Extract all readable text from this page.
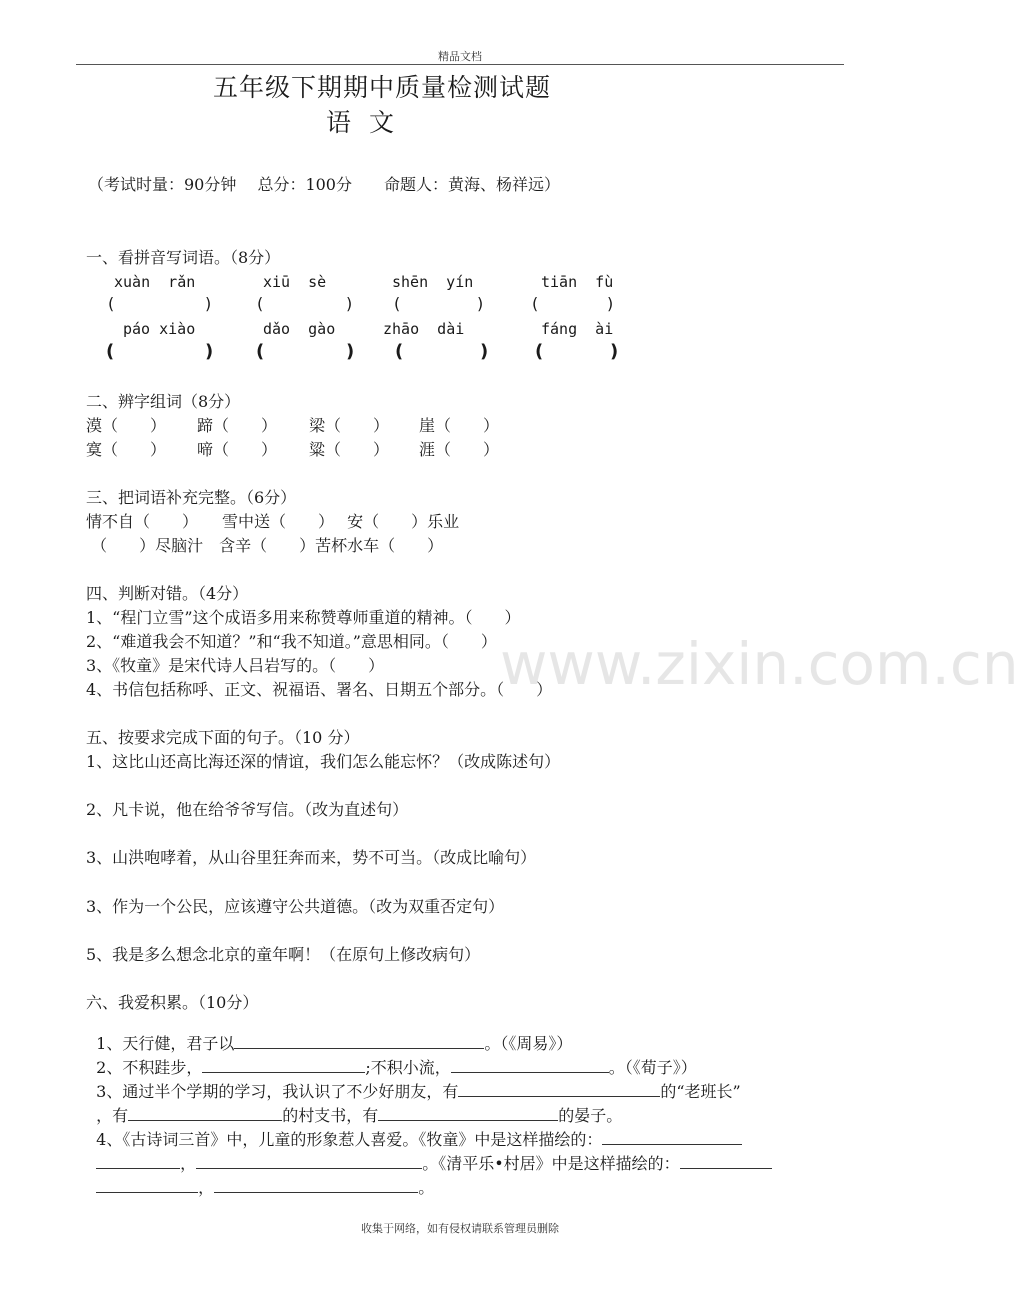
精品文档
五年级下期期中质量检测试题
语 文
（考试时量：90分钟　 总分：100分　　命题人：黄海、杨祥远）
一、看拼音写词语。（8分）
xuàn  rǎn	xiū  sè	shēn  yín	tiān  fù
(	)	(	)	(	)	(	)
páo xiào	dǎo  gào	zhāo  dài	fáng  ài
(	) (	) (	)	(	)
二、辨字组词（8分）
漠（　　） 蹄（　　） 梁（　　） 崖（　　）
寞（　　） 啼（　　） 粱（　　） 涯（　　）
三、把词语补充完整。（6分）
情不自（　　）　　雪中送（　　）　 安（　　）乐业
（　　）尽脑汁　含辛（　　）苦杯水车（　　）
四、判断对错。（4分）
1、“程门立雪”这个成语多用来称赞尊师重道的精神。（　　）
2、“难道我会不知道？”和“我不知道。”意思相同。（　　）
3、《牧童》是宋代诗人吕岩写的。（　　）
4、书信包括称呼、正文、祝福语、署名、日期五个部分。（　　）
五、按要求完成下面的句子。（10 分）
1、这比山还高比海还深的情谊，我们怎么能忘怀？（改成陈述句）
2、凡卡说，他在给爷爷写信。（改为直述句）
3、山洪咆哮着，从山谷里狂奔而来，势不可当。（改成比喻句）
3、作为一个公民，应该遵守公共道德。（改为双重否定句）
5、我是多么想念北京的童年啊！（在原句上修改病句）
六、我爱积累。（10分）

1、天行健，君子以	。（《周易》）

2、不积跬步，	;不积小流，	。（《荀子》）

3、通过半个学期的学习，我认识了不少好朋友，有	的“老班长”

，有	的村支书，有	的晏子。

4、《古诗词三首》中，儿童的形象惹人喜爱。《牧童》中是这样描绘的：

，	。《清平乐•村居》中是这样描绘的：

，	。

www.zixin.com.cn
收集于网络，如有侵权请联系管理员删除
